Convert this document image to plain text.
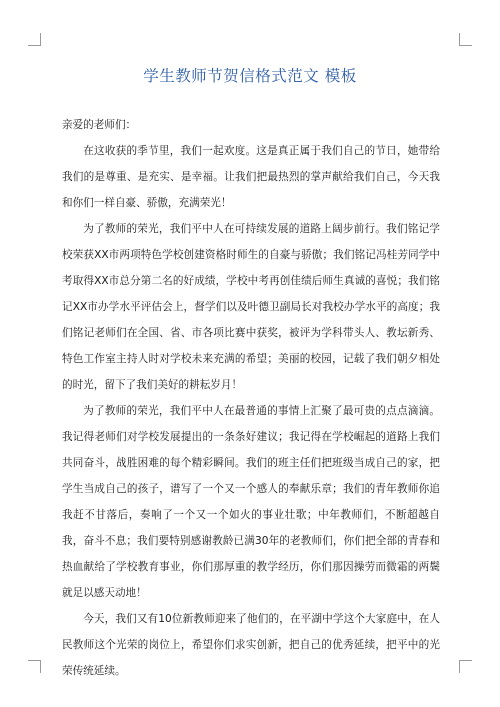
学生教师节贺信格式范文 模板

亲爱的老师们：

在这收获的季节里，我们一起欢度。这是真正属于我们自己的节日，她带给我们的是尊重、是充实、是幸福。让我们把最热烈的掌声献给我们自己，今天我和你们一样自豪、骄傲，充满荣光！

为了教师的荣光，我们平中人在可持续发展的道路上阔步前行。我们铭记学校荣获XX市两项特色学校创建资格时师生的自豪与骄傲；我们铭记冯桂芳同学中考取得XX市总分第二名的好成绩，学校中考再创佳绩后师生真诚的喜悦；我们铭记XX市办学水平评估会上，督学们以及叶德卫副局长对我校办学水平的高度；我们铭记老师们在全国、省、市各项比赛中获奖，被评为学科带头人、教坛新秀、特色工作室主持人时对学校未来充满的希望；美丽的校园，记载了我们朝夕相处的时光，留下了我们美好的耕耘岁月！

为了教师的荣光，我们平中人在最普通的事情上汇聚了最可贵的点点滴滴。我记得老师们对学校发展提出的一条条好建议；我记得在学校崛起的道路上我们共同奋斗，战胜困难的每个精彩瞬间。我们的班主任们把班级当成自己的家，把学生当成自己的孩子，谱写了一个又一个感人的奉献乐章；我们的青年教师你追我赶不甘落后，奏响了一个又一个如火的事业壮歌；中年教师们，不断超越自我，奋斗不息；我们要特别感谢教龄已满30年的老教师们，你们把全部的青春和热血献给了学校教育事业，你们那厚重的教学经历，你们那因操劳而微霜的两鬓就足以感天动地！

今天，我们又有10位新教师迎来了他们的，在平湖中学这个大家庭中，在人民教师这个光荣的岗位上，希望你们求实创新，把自己的优秀延续，把平中的光荣传统延续。
